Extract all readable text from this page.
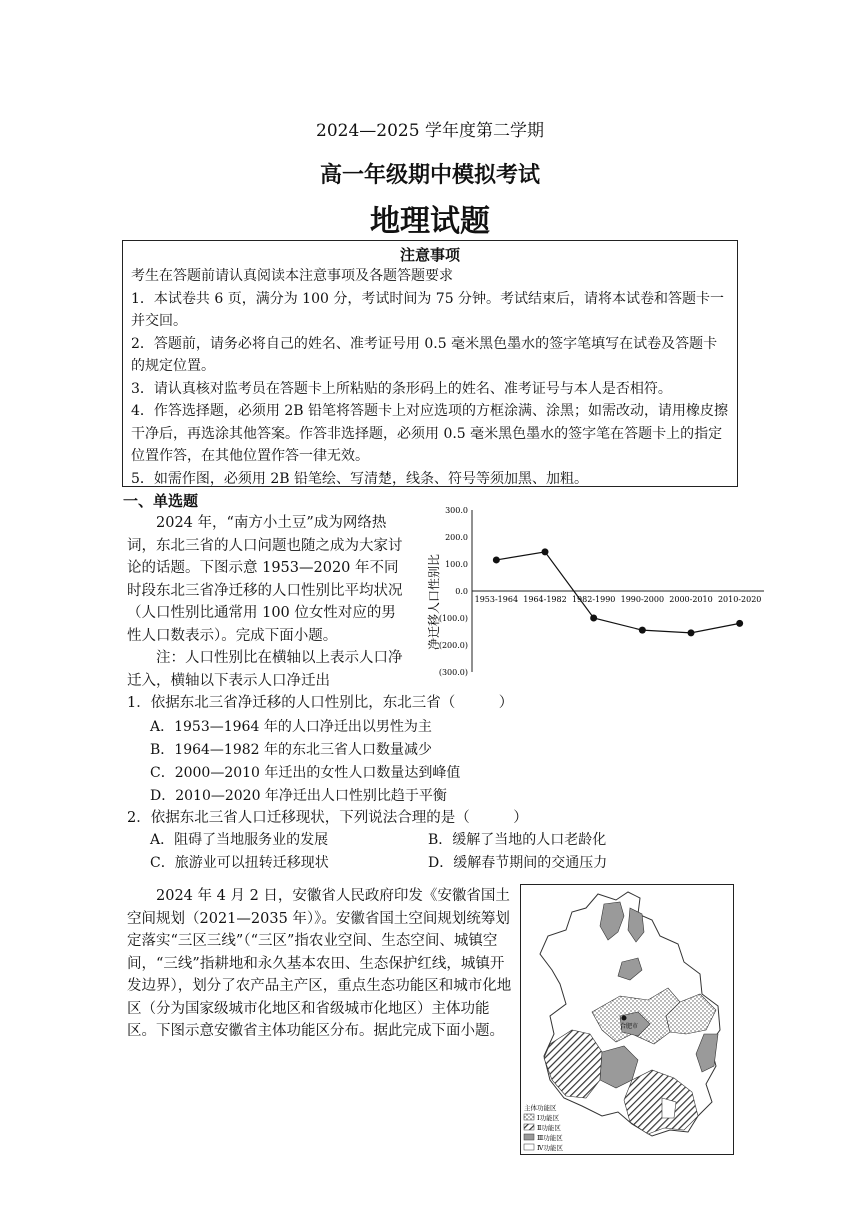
2024—2025 学年度第二学期
高一年级期中模拟考试
地理试题
注意事项

考生在答题前请认真阅读本注意事项及各题答题要求

1．本试卷共 6 页，满分为 100 分，考试时间为 75 分钟。考试结束后，请将本试卷和答题卡一并交回。

2．答题前，请务必将自己的姓名、准考证号用 0.5 毫米黑色墨水的签字笔填写在试卷及答题卡的规定位置。

3．请认真核对监考员在答题卡上所粘贴的条形码上的姓名、准考证号与本人是否相符。

4．作答选择题，必须用 2B 铅笔将答题卡上对应选项的方框涂满、涂黑；如需改动，请用橡皮擦干净后，再选涂其他答案。作答非选择题，必须用 0.5 毫米黑色墨水的签字笔在答题卡上的指定位置作答，在其他位置作答一律无效。

5．如需作图，必须用 2B 铅笔绘、写清楚，线条、符号等须加黑、加粗。

一、单选题
2024 年，“南方小土豆”成为网络热词，东北三省的人口问题也随之成为大家讨论的话题。下图示意 1953—2020 年不同时段东北三省净迁移的人口性别比平均状况（人口性别比通常用 100 位女性对应的男性人口数表示）。完成下面小题。
注：人口性别比在横轴以上表示人口净迁入，横轴以下表示人口净迁出
净迁移人口性别比
300.0
200.0
100.0
0.0
(100.0)
(200.0)
(300.0)
1953-1964 1964-1982 1982-1990 1990-2000 2000-2010 2010-2020
1．依据东北三省净迁移的人口性别比，东北三省（　　　）
A．1953—1964 年的人口净迁出以男性为主
B．1964—1982 年的东北三省人口数量减少
C．2000—2010 年迁出的女性人口数量达到峰值
D．2010—2020 年净迁出人口性别比趋于平衡
2．依据东北三省人口迁移现状，下列说法合理的是（　　　）
A．阻碍了当地服务业的发展	B．缓解了当地的人口老龄化
C．旅游业可以扭转迁移现状	D．缓解春节期间的交通压力
2024 年 4 月 2 日，安徽省人民政府印发《安徽省国土空间规划（2021—2035 年）》。安徽省国土空间规划统筹划定落实“三区三线”（“三区”指农业空间、生态空间、城镇空间，“三线”指耕地和永久基本农田、生态保护红线，城镇开发边界），划分了农产品主产区，重点生态功能区和城市化地区（分为国家级城市化地区和省级城市化地区）主体功能区。下图示意安徽省主体功能区分布。据此完成下面小题。	合肥市
主体功能区
Ⅰ功能区
Ⅱ功能区
Ⅲ功能区
Ⅳ功能区
